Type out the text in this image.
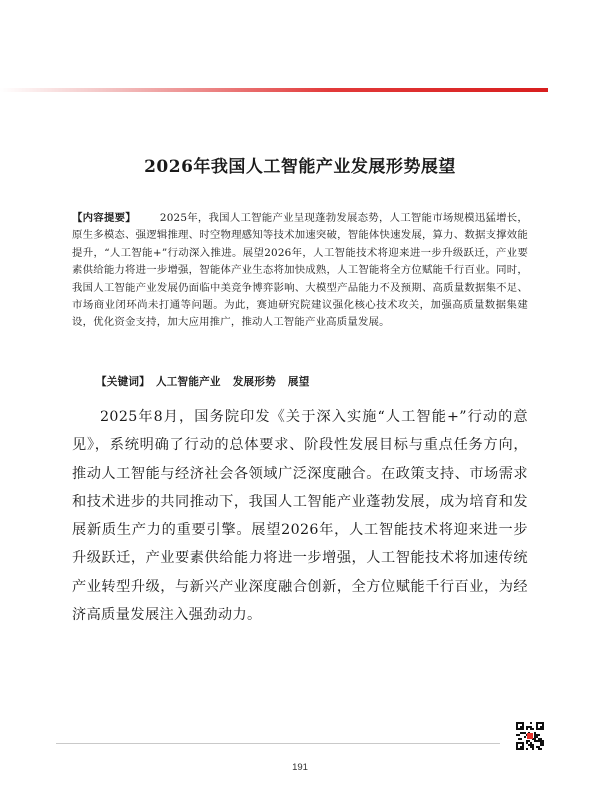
2026年我国人工智能产业发展形势展望

【内容提要】 2025年，我国人工智能产业呈现蓬勃发展态势，人工智能市场规模迅猛增长，原生多模态、强逻辑推理、时空物理感知等技术加速突破，智能体快速发展，算力、数据支撑效能提升，“人工智能+”行动深入推进。展望2026年，人工智能技术将迎来进一步升级跃迁，产业要素供给能力将进一步增强，智能体产业生态将加快成熟，人工智能将全方位赋能千行百业。同时，我国人工智能产业发展仍面临中美竞争博弈影响、大模型产品能力不及预期、高质量数据集不足、市场商业闭环尚未打通等问题。为此，赛迪研究院建议强化核心技术攻关，加强高质量数据集建设，优化资金支持，加大应用推广，推动人工智能产业高质量发展。

【关键词】 人工智能产业 发展形势 展望

2025年8月，国务院印发《关于深入实施“人工智能+”行动的意见》，系统明确了行动的总体要求、阶段性发展目标与重点任务方向，推动人工智能与经济社会各领域广泛深度融合。在政策支持、市场需求和技术进步的共同推动下，我国人工智能产业蓬勃发展，成为培育和发展新质生产力的重要引擎。展望2026年，人工智能技术将迎来进一步升级跃迁，产业要素供给能力将进一步增强，人工智能技术将加速传统产业转型升级，与新兴产业深度融合创新，全方位赋能千行百业，为经济高质量发展注入强劲动力。

191
